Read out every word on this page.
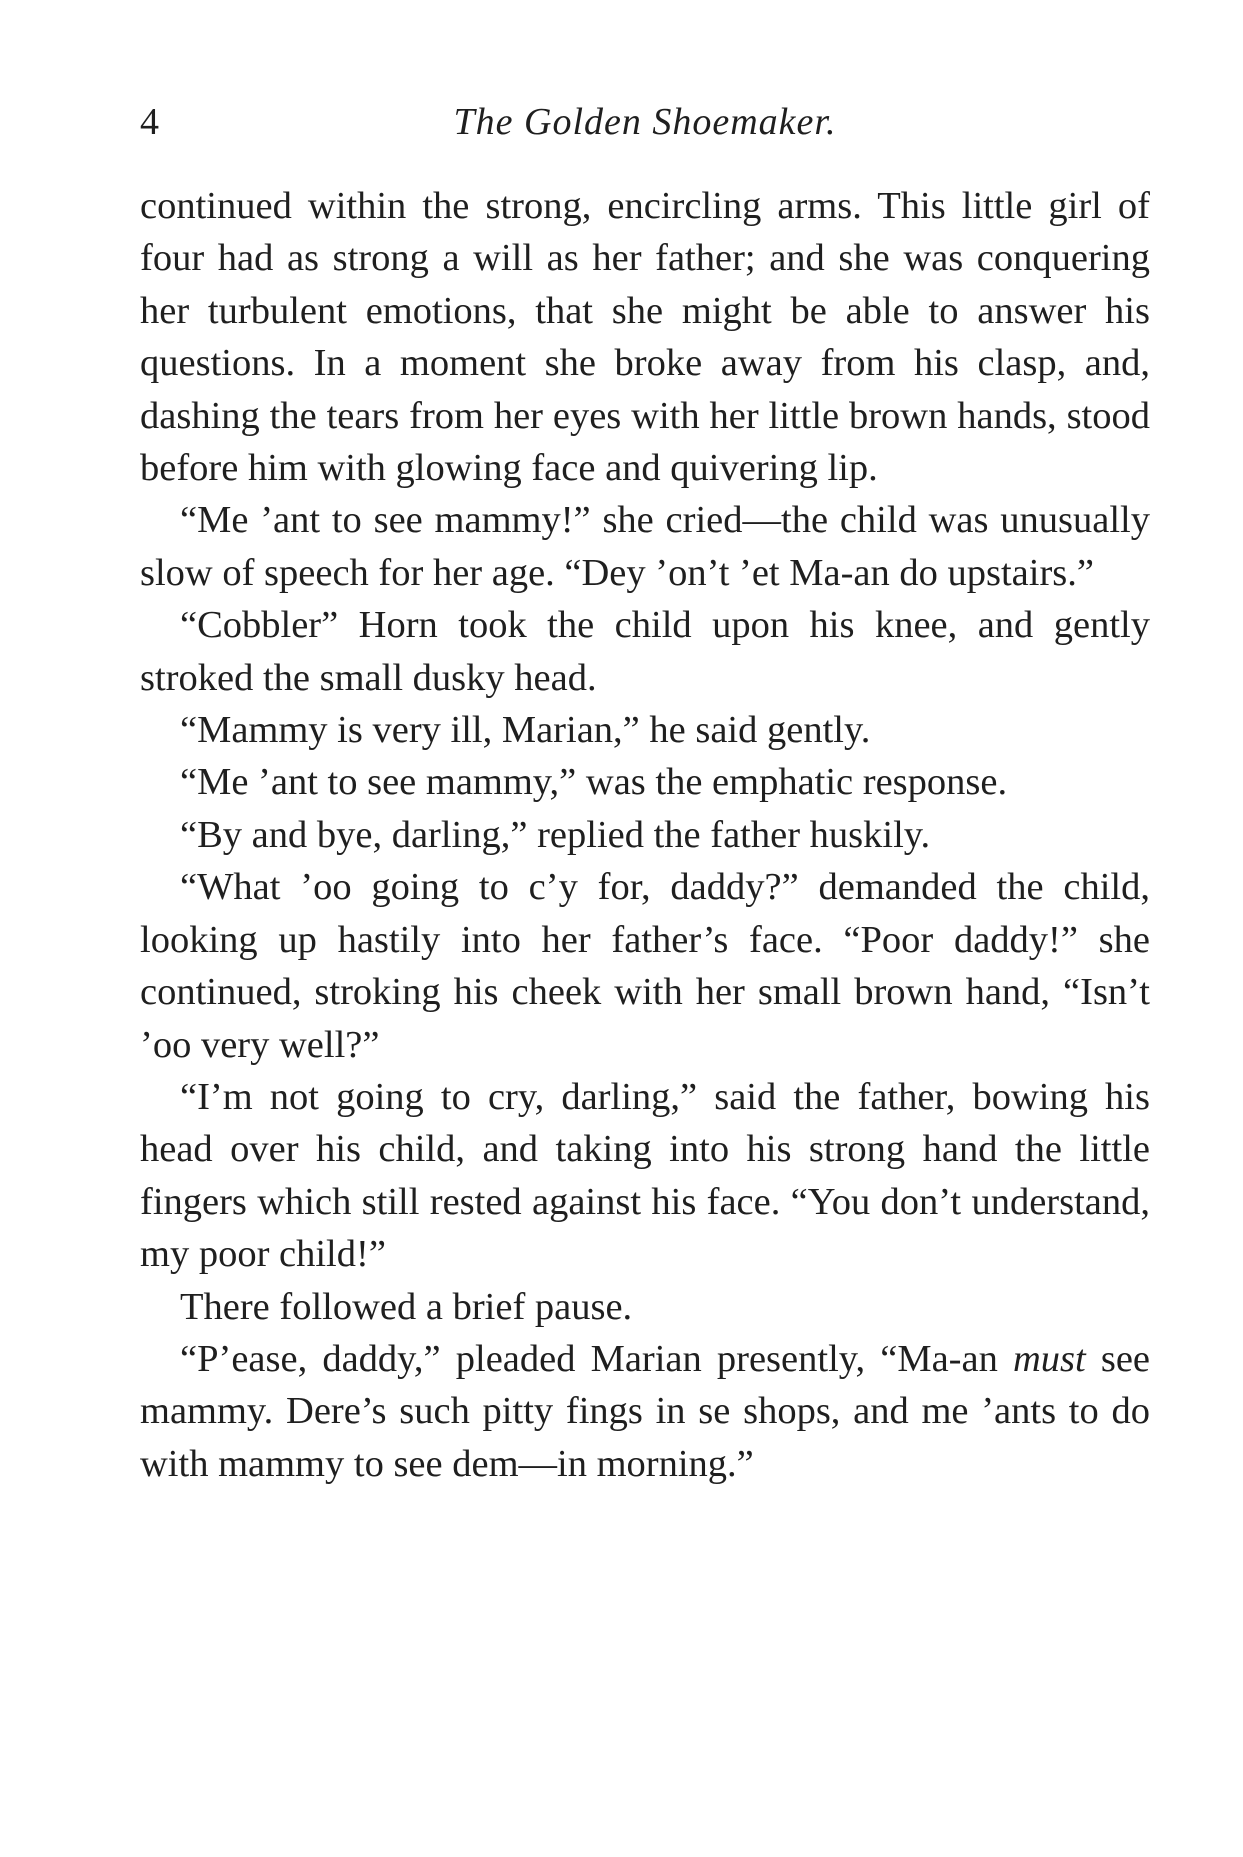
4	The Golden Shoemaker.

continued within the strong, encircling arms. This little girl of four had as strong a will as her father; and she was conquering her turbulent emotions, that she might be able to answer his questions. In a moment she broke away from his clasp, and, dashing the tears from her eyes with her little brown hands, stood before him with glowing face and quivering lip.

“Me ’ant to see mammy!” she cried—the child was unusually slow of speech for her age. “Dey ’on’t ’et Ma-an do upstairs.”

“Cobbler” Horn took the child upon his knee, and gently stroked the small dusky head.

“Mammy is very ill, Marian,” he said gently.

“Me ’ant to see mammy,” was the emphatic response.

“By and bye, darling,” replied the father huskily.

“What ’oo going to c’y for, daddy?” demanded the child, looking up hastily into her father’s face. “Poor daddy!” she continued, stroking his cheek with her small brown hand, “Isn’t ’oo very well?”

“I’m not going to cry, darling,” said the father, bowing his head over his child, and taking into his strong hand the little fingers which still rested against his face. “You don’t understand, my poor child!”

There followed a brief pause.

“P’ease, daddy,” pleaded Marian presently, “Ma-an must see mammy. Dere’s such pitty fings in se shops, and me ’ants to do with mammy to see dem—in morning.”
